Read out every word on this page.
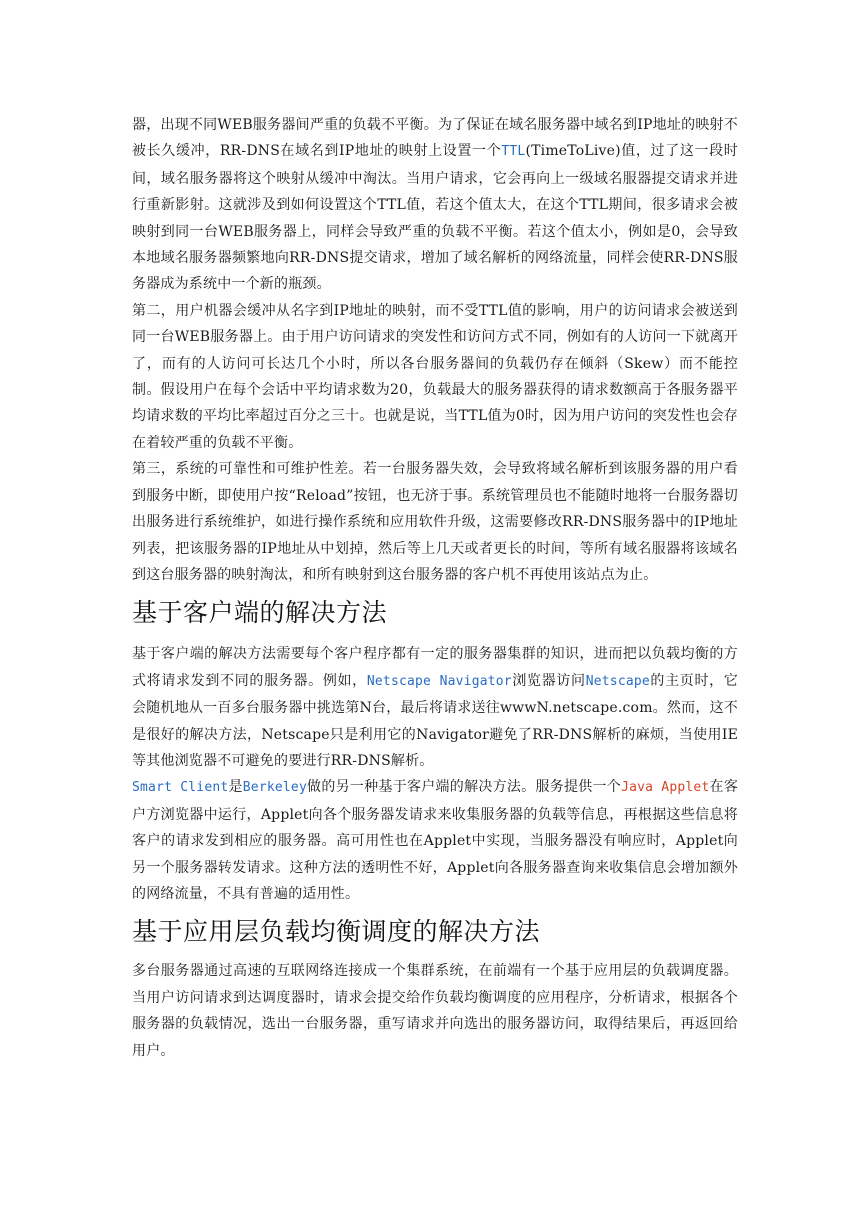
器，出现不同WEB服务器间严重的负载不平衡。为了保证在域名服务器中域名到IP地址的映射不被长久缓冲，RR-DNS在域名到IP地址的映射上设置一个TTL(TimeToLive)值，过了这一段时间，域名服务器将这个映射从缓冲中淘汰。当用户请求，它会再向上一级域名服器提交请求并进行重新影射。这就涉及到如何设置这个TTL值，若这个值太大，在这个TTL期间，很多请求会被映射到同一台WEB服务器上，同样会导致严重的负载不平衡。若这个值太小，例如是0，会导致本地域名服务器频繁地向RR-DNS提交请求，增加了域名解析的网络流量，同样会使RR-DNS服务器成为系统中一个新的瓶颈。

第二，用户机器会缓冲从名字到IP地址的映射，而不受TTL值的影响，用户的访问请求会被送到同一台WEB服务器上。由于用户访问请求的突发性和访问方式不同，例如有的人访问一下就离开了，而有的人访问可长达几个小时，所以各台服务器间的负载仍存在倾斜（Skew）而不能控制。假设用户在每个会话中平均请求数为20，负载最大的服务器获得的请求数额高于各服务器平均请求数的平均比率超过百分之三十。也就是说，当TTL值为0时，因为用户访问的突发性也会存在着较严重的负载不平衡。

第三，系统的可靠性和可维护性差。若一台服务器失效，会导致将域名解析到该服务器的用户看到服务中断，即使用户按“Reload”按钮，也无济于事。系统管理员也不能随时地将一台服务器切出服务进行系统维护，如进行操作系统和应用软件升级，这需要修改RR-DNS服务器中的IP地址列表，把该服务器的IP地址从中划掉，然后等上几天或者更长的时间，等所有域名服器将该域名到这台服务器的映射淘汰，和所有映射到这台服务器的客户机不再使用该站点为止。

基于客户端的解决方法

基于客户端的解决方法需要每个客户程序都有一定的服务器集群的知识，进而把以负载均衡的方式将请求发到不同的服务器。例如，Netscape Navigator浏览器访问Netscape的主页时，它会随机地从一百多台服务器中挑选第N台，最后将请求送往wwwN.netscape.com。然而，这不是很好的解决方法，Netscape只是利用它的Navigator避免了RR-DNS解析的麻烦，当使用IE等其他浏览器不可避免的要进行RR-DNS解析。

Smart Client是Berkeley做的另一种基于客户端的解决方法。服务提供一个Java Applet在客户方浏览器中运行，Applet向各个服务器发请求来收集服务器的负载等信息，再根据这些信息将客户的请求发到相应的服务器。高可用性也在Applet中实现，当服务器没有响应时，Applet向另一个服务器转发请求。这种方法的透明性不好，Applet向各服务器查询来收集信息会增加额外的网络流量，不具有普遍的适用性。

基于应用层负载均衡调度的解决方法

多台服务器通过高速的互联网络连接成一个集群系统，在前端有一个基于应用层的负载调度器。当用户访问请求到达调度器时，请求会提交给作负载均衡调度的应用程序，分析请求，根据各个服务器的负载情况，选出一台服务器，重写请求并向选出的服务器访问，取得结果后，再返回给用户。
